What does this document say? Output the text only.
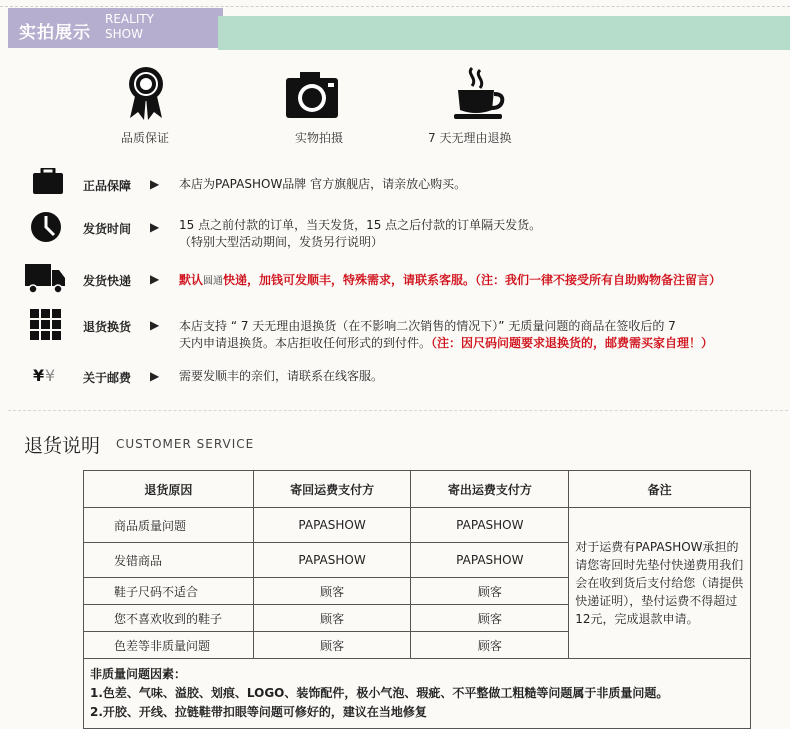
实拍展示
REALITY
SHOW
品质保证	实物拍摄	7 天无理由退换
正品保障 ▶ 本店为PAPASHOW品牌 官方旗舰店，请亲放心购买。
发货时间 ▶ 15 点之前付款的订单，当天发货，15 点之后付款的订单隔天发货。
（特别大型活动期间，发货另行说明）
发货快递 ▶ 默认圆通快递，加钱可发顺丰，特殊需求，请联系客服。（注：我们一律不接受所有自助购物备注留言）
退货换货 ▶ 本店支持 “ 7 天无理由退换货（在不影响二次销售的情况下）” 无质量问题的商品在签收后的 7
天内申请退换货。本店拒收任何形式的到付件。（注：因尺码问题要求退换货的，邮费需买家自理！）
¥ ¥ 关于邮费 ▶ 需要发顺丰的亲们，请联系在线客服。
退货说明 CUSTOMER SERVICE
退货原因	寄回运费支付方	寄出运费支付方	备注
商品质量问题	PAPASHOW	PAPASHOW	对于运费有PAPASHOW承担的请您寄回时先垫付快递费用我们会在收到货后支付给您（请提供快递证明），垫付运费不得超过12元，完成退款申请。
发错商品	PAPASHOW	PAPASHOW	
鞋子尺码不适合	顾客	顾客	
您不喜欢收到的鞋子	顾客	顾客	
色差等非质量问题	顾客	顾客	

非质量问题因素：
1.色差、气味、溢胶、划痕、LOGO、装饰配件，极小气泡、瑕疵、不平整做工粗糙等问题属于非质量问题。
2.开胶、开线、拉链鞋带扣眼等问题可修好的，建议在当地修复			
